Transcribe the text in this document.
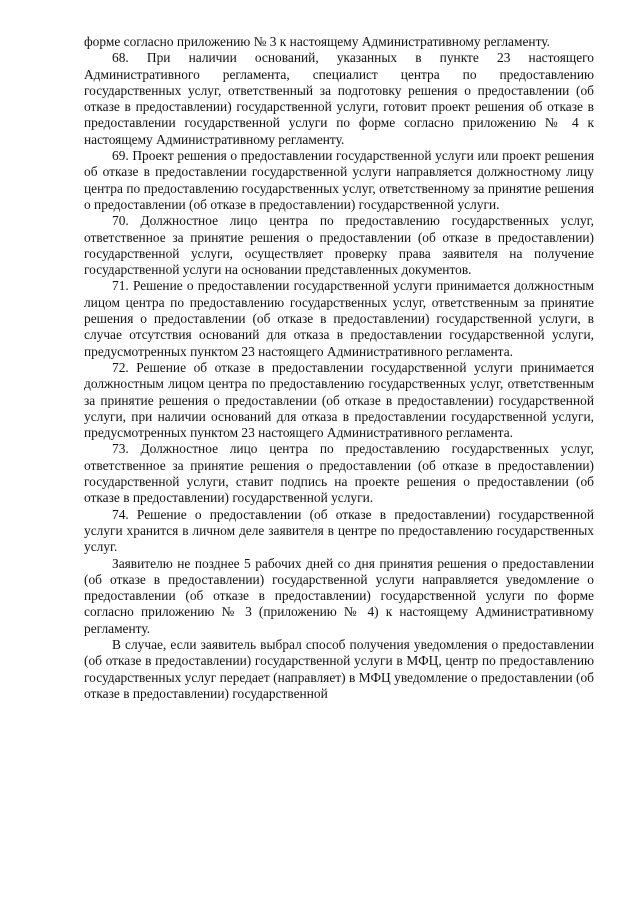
форме согласно приложению № 3 к настоящему Административному регламенту.

68. При наличии оснований, указанных в пункте 23 настоящего Административного регламента, специалист центра по предоставлению государственных услуг, ответственный за подготовку решения о предоставлении (об отказе в предоставлении) государственной услуги, готовит проект решения об отказе в предоставлении государственной услуги по форме согласно приложению № 4 к настоящему Административному регламенту.

69. Проект решения о предоставлении государственной услуги или проект решения об отказе в предоставлении государственной услуги направляется должностному лицу центра по предоставлению государственных услуг, ответственному за принятие решения о предоставлении (об отказе в предоставлении) государственной услуги.

70. Должностное лицо центра по предоставлению государственных услуг, ответственное за принятие решения о предоставлении (об отказе в предоставлении) государственной услуги, осуществляет проверку права заявителя на получение государственной услуги на основании представленных документов.

71. Решение о предоставлении государственной услуги принимается должностным лицом центра по предоставлению государственных услуг, ответственным за принятие решения о предоставлении (об отказе в предоставлении) государственной услуги, в случае отсутствия оснований для отказа в предоставлении государственной услуги, предусмотренных пунктом 23 настоящего Административного регламента.

72. Решение об отказе в предоставлении государственной услуги принимается должностным лицом центра по предоставлению государственных услуг, ответственным за принятие решения о предоставлении (об отказе в предоставлении) государственной услуги, при наличии оснований для отказа в предоставлении государственной услуги, предусмотренных пунктом 23 настоящего Административного регламента.

73. Должностное лицо центра по предоставлению государственных услуг, ответственное за принятие решения о предоставлении (об отказе в предоставлении) государственной услуги, ставит подпись на проекте решения о предоставлении (об отказе в предоставлении) государственной услуги.

74. Решение о предоставлении (об отказе в предоставлении) государственной услуги хранится в личном деле заявителя в центре по предоставлению государственных услуг.

Заявителю не позднее 5 рабочих дней со дня принятия решения о предоставлении (об отказе в предоставлении) государственной услуги направляется уведомление о предоставлении (об отказе в предоставлении) государственной услуги по форме согласно приложению № 3 (приложению № 4) к настоящему Административному регламенту.

В случае, если заявитель выбрал способ получения уведомления о предоставлении (об отказе в предоставлении) государственной услуги в МФЦ, центр по предоставлению государственных услуг передает (направляет) в МФЦ уведомление о предоставлении (об отказе в предоставлении) государственной
